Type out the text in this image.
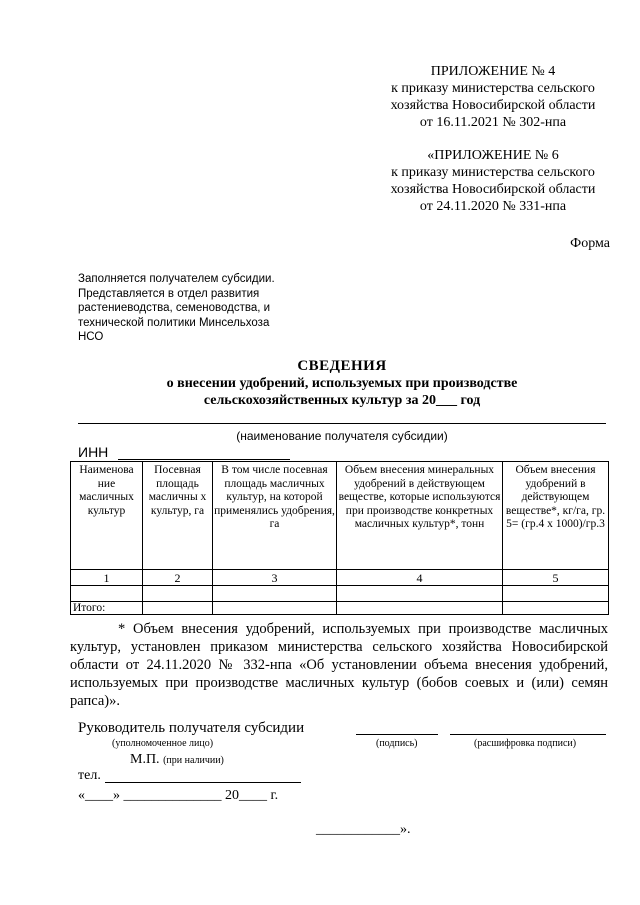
ПРИЛОЖЕНИЕ № 4
к приказу министерства сельского
хозяйства Новосибирской области
от 16.11.2021 № 302-нпа
«ПРИЛОЖЕНИЕ № 6
к приказу министерства сельского
хозяйства Новосибирской области
от 24.11.2020 № 331-нпа
Форма
Заполняется получателем субсидии.
Представляется в отдел развития
растениеводства, семеноводства, и
технической политики Минсельхоза
НСО
СВЕДЕНИЯ
о внесении удобрений, используемых при производстве
сельскохозяйственных культур за 20___ год
(наименование получателя субсидии)
ИНН
Наименова ние масличных культур	Посевная площадь масличны х культур, га	В том числе посевная площадь масличных культур, на которой применялись удобрения, га	Объем внесения минеральных удобрений в действующем веществе, которые используются при производстве конкретных масличных культур*, тонн	Объем внесения удобрений в действующем веществе*, кг/га, гр. 5= (гр.4 х 1000)/гр.3
1	2	3	4	5

Итого:				
* Объем внесения удобрений, используемых при производстве масличных культур, установлен приказом министерства сельского хозяйства Новосибирской области от 24.11.2020 № 332-нпа «Об установлении объема внесения удобрений, используемых при производстве масличных культур (бобов соевых и (или) семян рапса)».
Руководитель получателя субсидии
(уполномоченное лицо)	(подпись)	(расшифровка подписи)
М.П. (при наличии)
тел.
«____» ______________ 20____ г.
____________».
